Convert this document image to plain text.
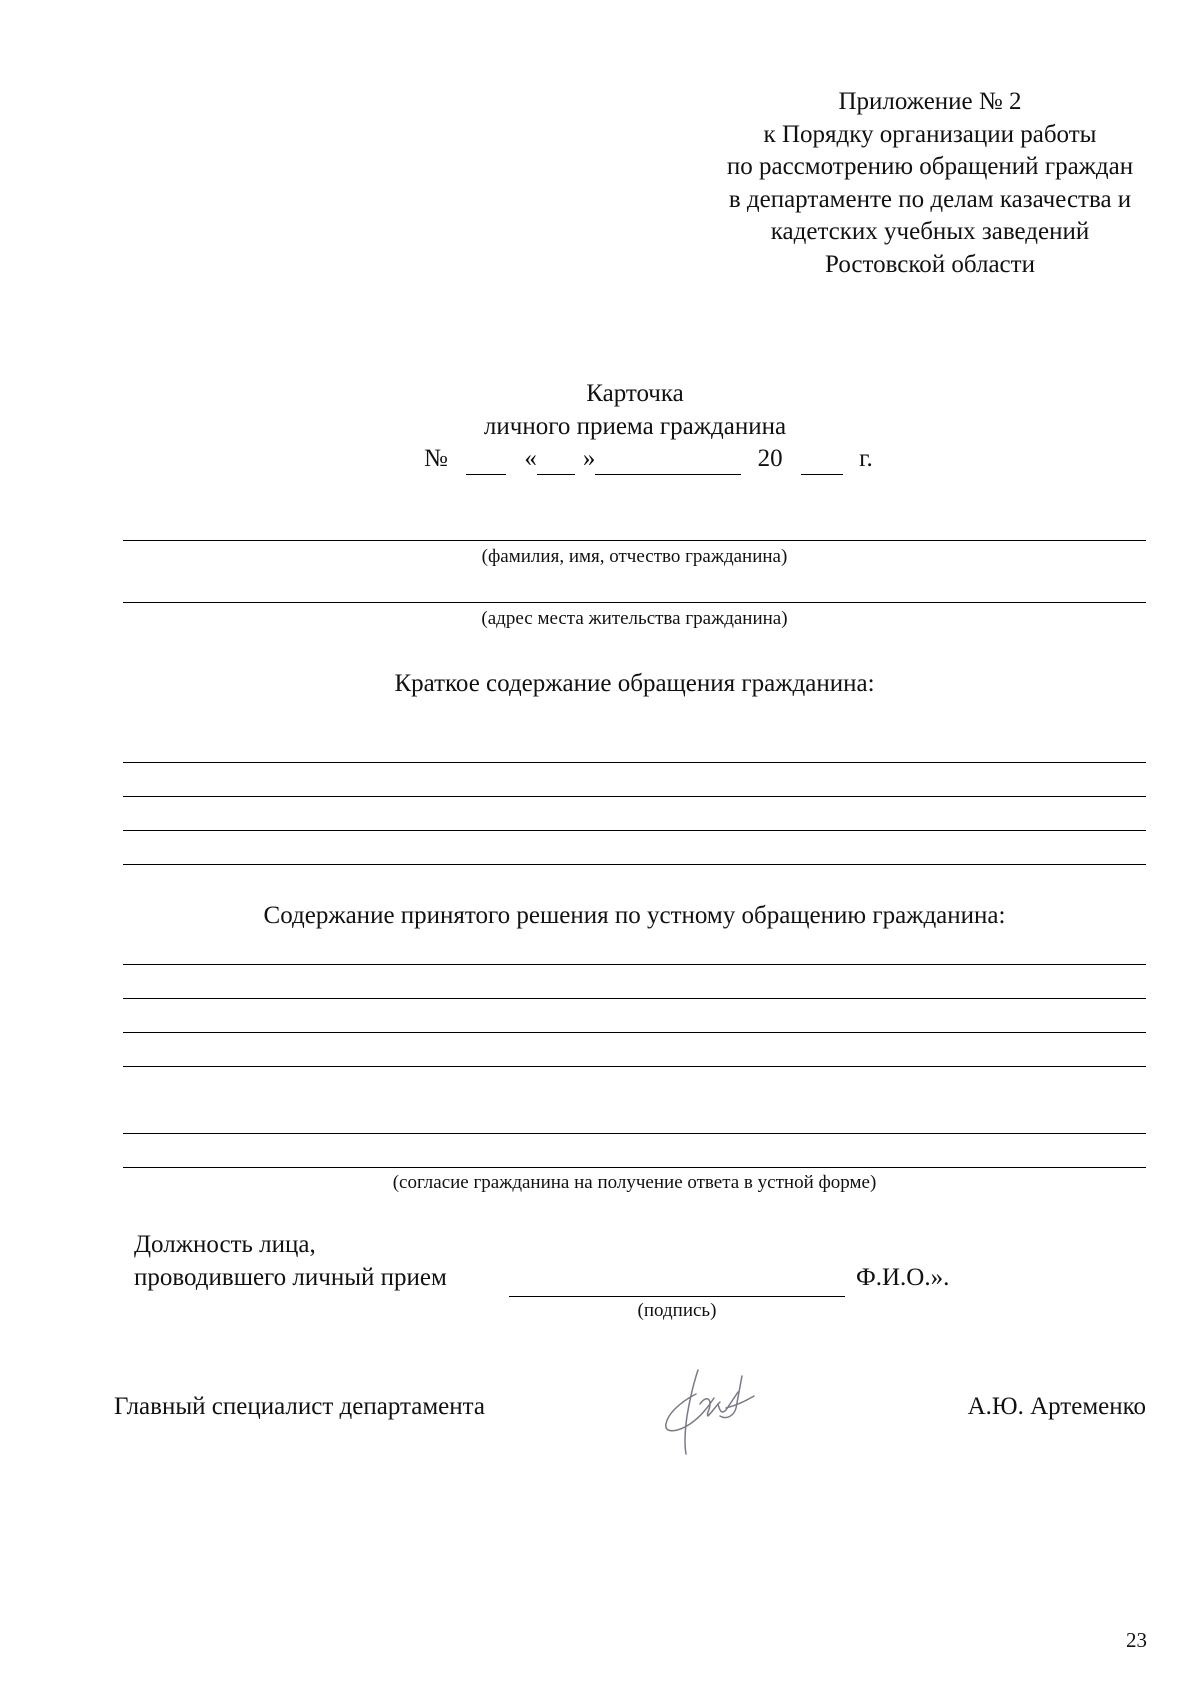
Приложение № 2
к Порядку организации работы
по рассмотрению обращений граждан
в департаменте по делам казачества и
кадетских учебных заведений
Ростовской области
Карточка
личного приема гражданина
№	« »	20	г.
(фамилия, имя, отчество гражданина)
(адрес места жительства гражданина)
Краткое содержание обращения гражданина:
Содержание принятого решения по устному обращению гражданина:
(согласие гражданина на получение ответа в устной форме)
Должность лица,
проводившего личный прием	Ф.И.О.».
(подпись)
Главный специалист департамента	А.Ю. Артеменко
23
